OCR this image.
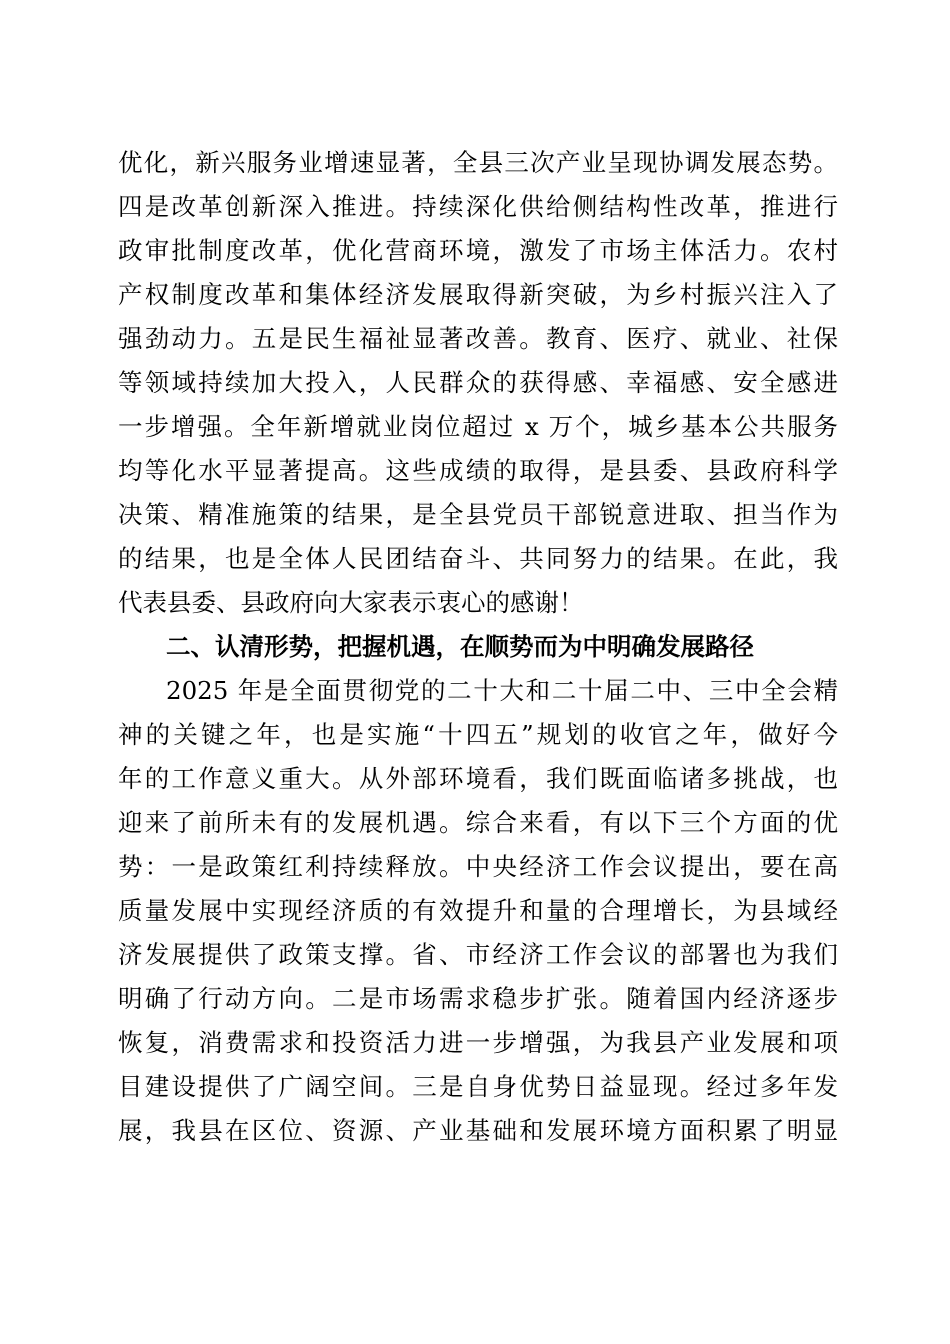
优化，新兴服务业增速显著，全县三次产业呈现协调发展态势。
四是改革创新深入推进。持续深化供给侧结构性改革，推进行
政审批制度改革，优化营商环境，激发了市场主体活力。农村
产权制度改革和集体经济发展取得新突破，为乡村振兴注入了
强劲动力。五是民生福祉显著改善。教育、医疗、就业、社保
等领域持续加大投入，人民群众的获得感、幸福感、安全感进
一步增强。全年新增就业岗位超过 x 万个，城乡基本公共服务
均等化水平显著提高。这些成绩的取得，是县委、县政府科学
决策、精准施策的结果，是全县党员干部锐意进取、担当作为
的结果，也是全体人民团结奋斗、共同努力的结果。在此，我
代表县委、县政府向大家表示衷心的感谢！
二、认清形势，把握机遇，在顺势而为中明确发展路径
2025 年是全面贯彻党的二十大和二十届二中、三中全会精
神的关键之年，也是实施“十四五”规划的收官之年，做好今
年的工作意义重大。从外部环境看，我们既面临诸多挑战，也
迎来了前所未有的发展机遇。综合来看，有以下三个方面的优
势：一是政策红利持续释放。中央经济工作会议提出，要在高
质量发展中实现经济质的有效提升和量的合理增长，为县域经
济发展提供了政策支撑。省、市经济工作会议的部署也为我们
明确了行动方向。二是市场需求稳步扩张。随着国内经济逐步
恢复，消费需求和投资活力进一步增强，为我县产业发展和项
目建设提供了广阔空间。三是自身优势日益显现。经过多年发
展，我县在区位、资源、产业基础和发展环境方面积累了明显
